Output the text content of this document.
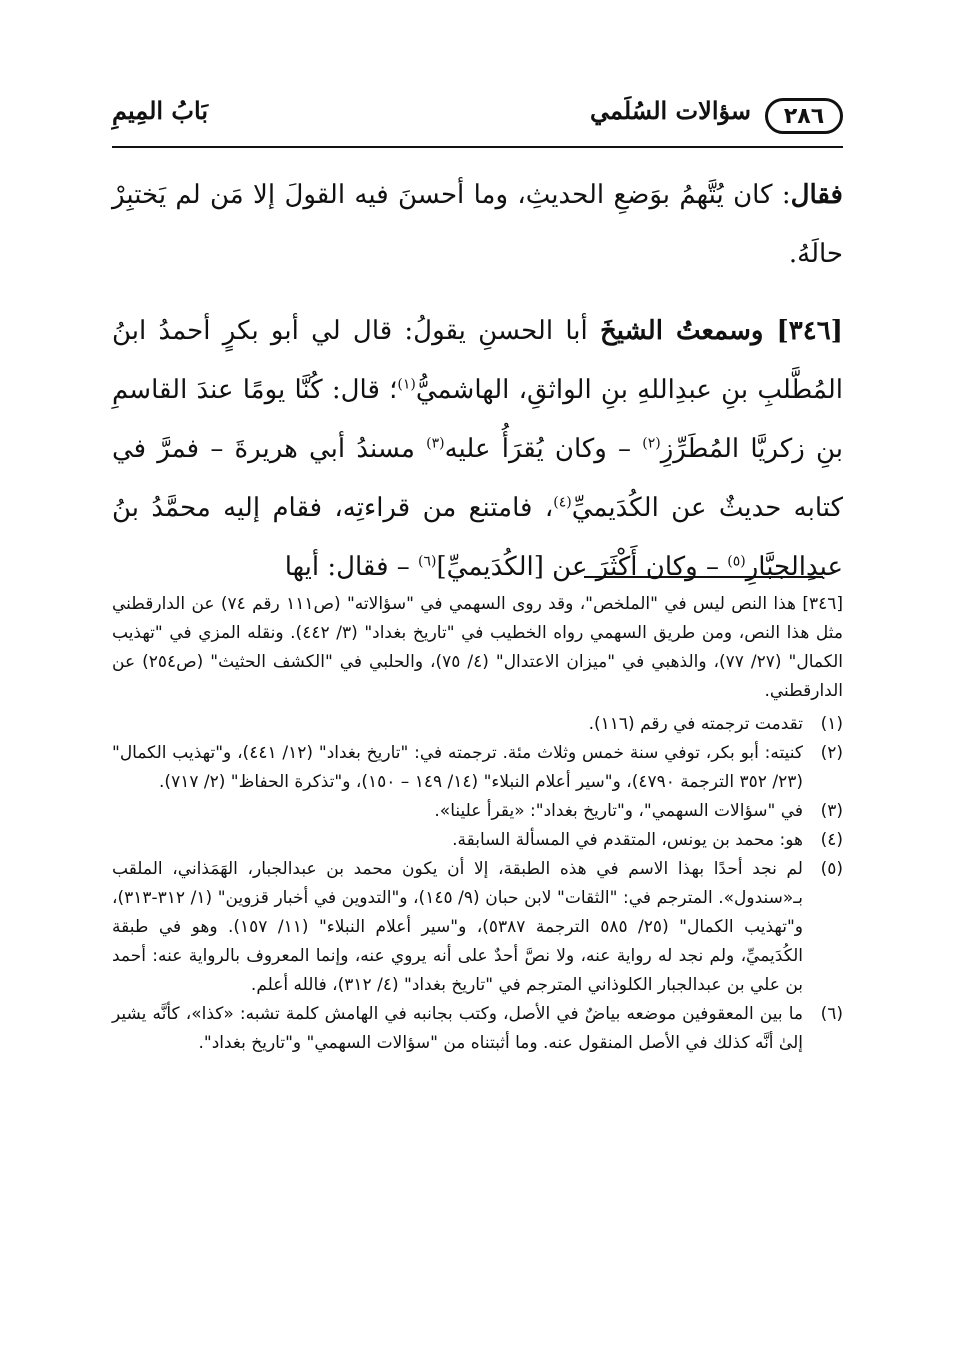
٢٨٦
سؤالات السُلَمي
بَابُ المِيمِ

فقال: كان يُتَّهمُ بوَضعِ الحديثِ، وما أحسنَ فيه القولَ إلا مَن لم يَختبِرْ حالَهُ.

[٣٤٦] وسمعتُ الشيخَ أبا الحسنِ يقولُ: قال لي أبو بكرٍ أحمدُ ابنُ المُطَّلبِ بنِ عبدِاللهِ بنِ الواثقِ، الهاشميُّ$^{(١)}$؛ قال: كُنَّا يومًا عندَ القاسمِ بنِ زكريَّا المُطَرِّزِ$^{(٢)}$ – وكان يُقرَأُ عليه$^{(٣)}$ مسندُ أبي هريرةَ – فمرَّ في كتابه حديثٌ عن الكُدَيميِّ$^{(٤)}$، فامتنع من قراءتِه، فقام إليه محمَّدُ بنُ عبدِالجبَّارِ$^{(٥)}$ – وكان أَكْثَرَ عن [الكُدَيميِّ]$^{(٦)}$ – فقال: أيها

[٣٤٦] هذا النص ليس في "الملخص"، وقد روى السهمي في "سؤالاته" (ص١١١ رقم ٧٤) عن الدارقطني مثل هذا النص، ومن طريق السهمي رواه الخطيب في "تاريخ بغداد" (٣/ ٤٤٢). ونقله المزي في "تهذيب الكمال" (٢٧/ ٧٧)، والذهبي في "ميزان الاعتدال" (٤/ ٧٥)، والحلبي في "الكشف الحثيث" (ص٢٥٤) عن الدارقطني.

(١)
تقدمت ترجمته في رقم (١١٦).
(٢)
كنيته: أبو بكر، توفي سنة خمس وثلاث مئة. ترجمته في: "تاريخ بغداد" (١٢/ ٤٤١)، و"تهذيب الكمال" (٢٣/ ٣٥٢ الترجمة ٤٧٩٠)، و"سير أعلام النبلاء" (١٤/ ١٤٩ – ١٥٠)، و"تذكرة الحفاظ" (٢/ ٧١٧).
(٣)
في "سؤالات السهمي"، و"تاريخ بغداد": «يقرأ علينا».
(٤)
هو: محمد بن يونس، المتقدم في المسألة السابقة.
(٥)
لم نجد أحدًا بهذا الاسم في هذه الطبقة، إلا أن يكون محمد بن عبدالجبار، الهَمَذاني، الملقب بـ«سندول». المترجم في: "الثقات" لابن حبان (٩/ ١٤٥)، و"التدوين في أخبار قزوين" (١/ ٣١٢-٣١٣)، و"تهذيب الكمال" (٢٥/ ٥٨٥ الترجمة ٥٣٨٧)، و"سير أعلام النبلاء" (١١/ ١٥٧). وهو في طبقة الكُدَيميِّ، ولم نجد له رواية عنه، ولا نصَّ أحدٌ على أنه يروي عنه، وإنما المعروف بالرواية عنه: أحمد بن علي بن عبدالجبار الكلوذاني المترجم في "تاريخ بغداد" (٤/ ٣١٢)، فالله أعلم.
(٦)
ما بين المعقوفين موضعه بياضٌ في الأصل، وكتب بجانبه في الهامش كلمة تشبه: «كذا»، كأنَّه يشير إلىٰ أنَّه كذلك في الأصل المنقول عنه. وما أثبتناه من "سؤالات السهمي" و"تاريخ بغداد".
